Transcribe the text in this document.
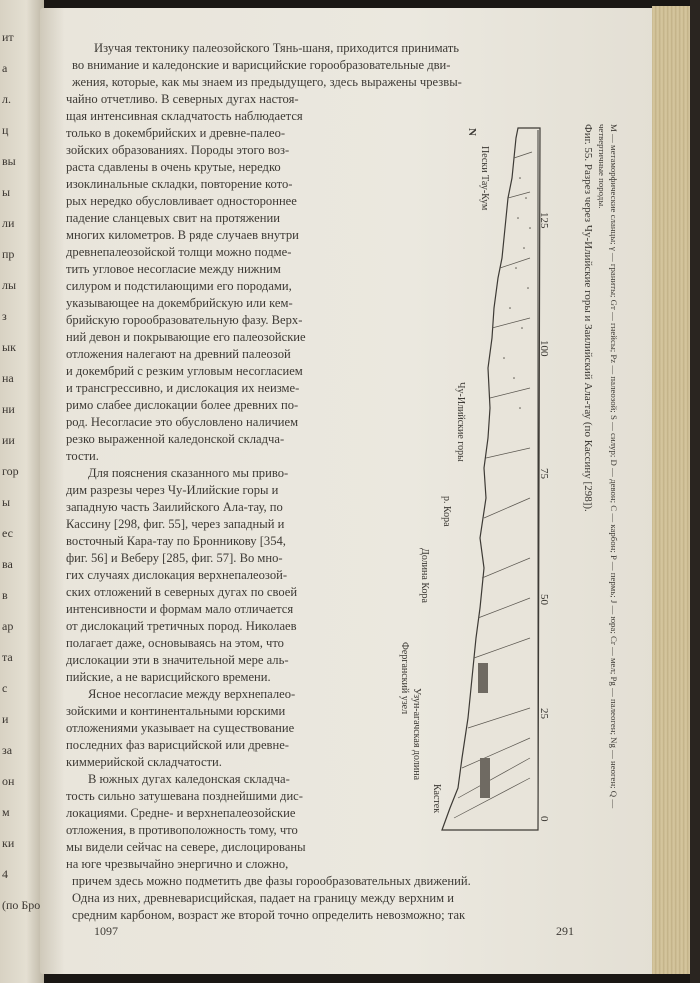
ит
а
л.
ц
вы
ы
ли
пр
лы
з
ык
на
ни
ии
гор
ы
ес
ва
в
ар
та
с
и
за
он
м
ки
4
(по Бро

Изучая тектонику палеозойского Тянь-шаня, приходится принимать

во внимание и каледонские и варисцийские горообразовательные дви-

жения, которые, как мы знаем из предыдущего, здесь выражены чрезвы-

чайно отчетливо. В северных дугах настоя-

щая интенсивная складчатость наблюдается

только в докембрийских и древне-палео-

зойских образованиях. Породы этого воз-

раста сдавлены в очень крутые, нередко

изоклинальные складки, повторение кото-

рых нередко обусловливает одностороннее

падение сланцевых свит на протяжении

многих километров. В ряде случаев внутри

древнепалеозойской толщи можно подме-

тить угловое несогласие между нижним

силуром и подстилающими его породами,

указывающее на докембрийскую или кем-

брийскую горообразовательную фазу. Верх-

ний девон и покрывающие его палеозойские

отложения налегают на древний палеозой

и докембрий с резким угловым несогласием

и трансгрессивно, и дислокация их неизме-

римо слабее дислокации более древних по-

род. Несогласие это обусловлено наличием

резко выраженной каледонской складча-

тости.

Для пояснения сказанного мы приво-

дим разрезы через Чу-Илийские горы и

западную часть Заилийского Ала-тау, по

Кассину [298, фиг. 55], через западный и

восточный Кара-тау по Бронникову [354,

фиг. 56] и Веберу [285, фиг. 57]. Во мно-

гих случаях дислокация верхнепалеозой-

ских отложений в северных дугах по своей

интенсивности и формам мало отличается

от дислокаций третичных пород. Николаев

полагает даже, основываясь на этом, что

дислокации эти в значительной мере аль-

пийские, а не варисцийского времени.

Ясное несогласие между верхнепалео-

зойскими и континентальными юрскими

отложениями указывает на существование

последних фаз варисцийской или древне-

киммерийской складчатости.

В южных дугах каледонская складча-

тость сильно затушевана позднейшими дис-

локациями. Средне- и верхнепалеозойские

отложения, в противоположность тому, что

мы видели сейчас на севере, дислоцированы

на юге чрезвычайно энергично и сложно,

причем здесь можно подметить две фазы горообразовательных движений.

Одна из них, древневарисцийская, падает на границу между верхним и

средним карбоном, возраст же второй точно определить невозможно; так

0
25
50
75
100
125
Кастек
Узун-агачская долина
Ферганский узел
Долина Кора
р. Кора
Чу-Илийские горы
Пески Тау-Кум
N	Фиг. 55. Разрез через Чу-Илийские горы и Заилийский Ала-тау (по Кассину [298]).	М — метаморфические сланцы; γ — граниты; Gт — гнейсы; Pz — палеозой; S — силур; D — девон; C — карбон; P — пермь; J — юра; Cr — мел; Pg — палеоген; Ng — неоген; Q — четвертичные породы.
1097	291
